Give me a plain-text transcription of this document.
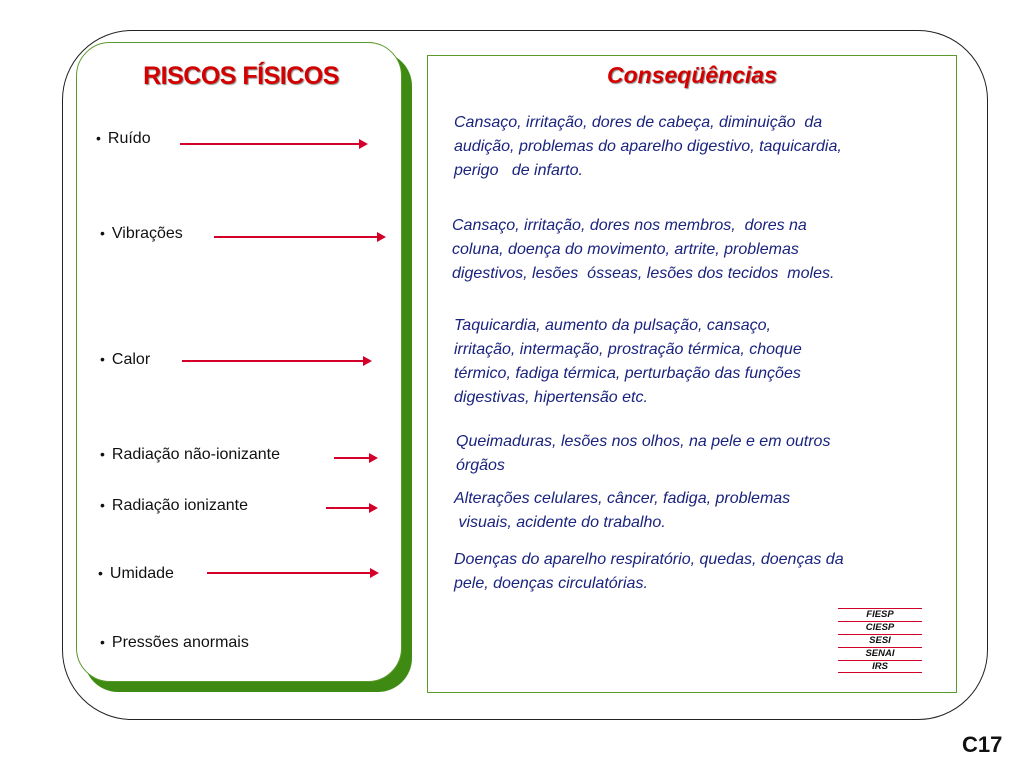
RISCOS FÍSICOS	Conseqüências
• Ruído
• Vibrações
• Calor
• Radiação não-ionizante
• Radiação ionizante
• Umidade
• Pressões anormais
Cansaço, irritação, dores de cabeça, diminuição  da
audição, problemas do aparelho digestivo, taquicardia,
perigo   de infarto.
Cansaço, irritação, dores nos membros,  dores na
coluna, doença do movimento, artrite, problemas
digestivos, lesões  ósseas, lesões dos tecidos  moles.
Taquicardia, aumento da pulsação, cansaço,
irritação, intermação, prostração térmica, choque
térmico, fadiga térmica, perturbação das funções
digestivas, hipertensão etc.
Queimaduras, lesões nos olhos, na pele e em outros
órgãos
Alterações celulares, câncer, fadiga, problemas
visuais, acidente do trabalho.
Doenças do aparelho respiratório, quedas, doenças da
pele, doenças circulatórias.
FIESP
CIESP
SESI
SENAI
IRS
C17
